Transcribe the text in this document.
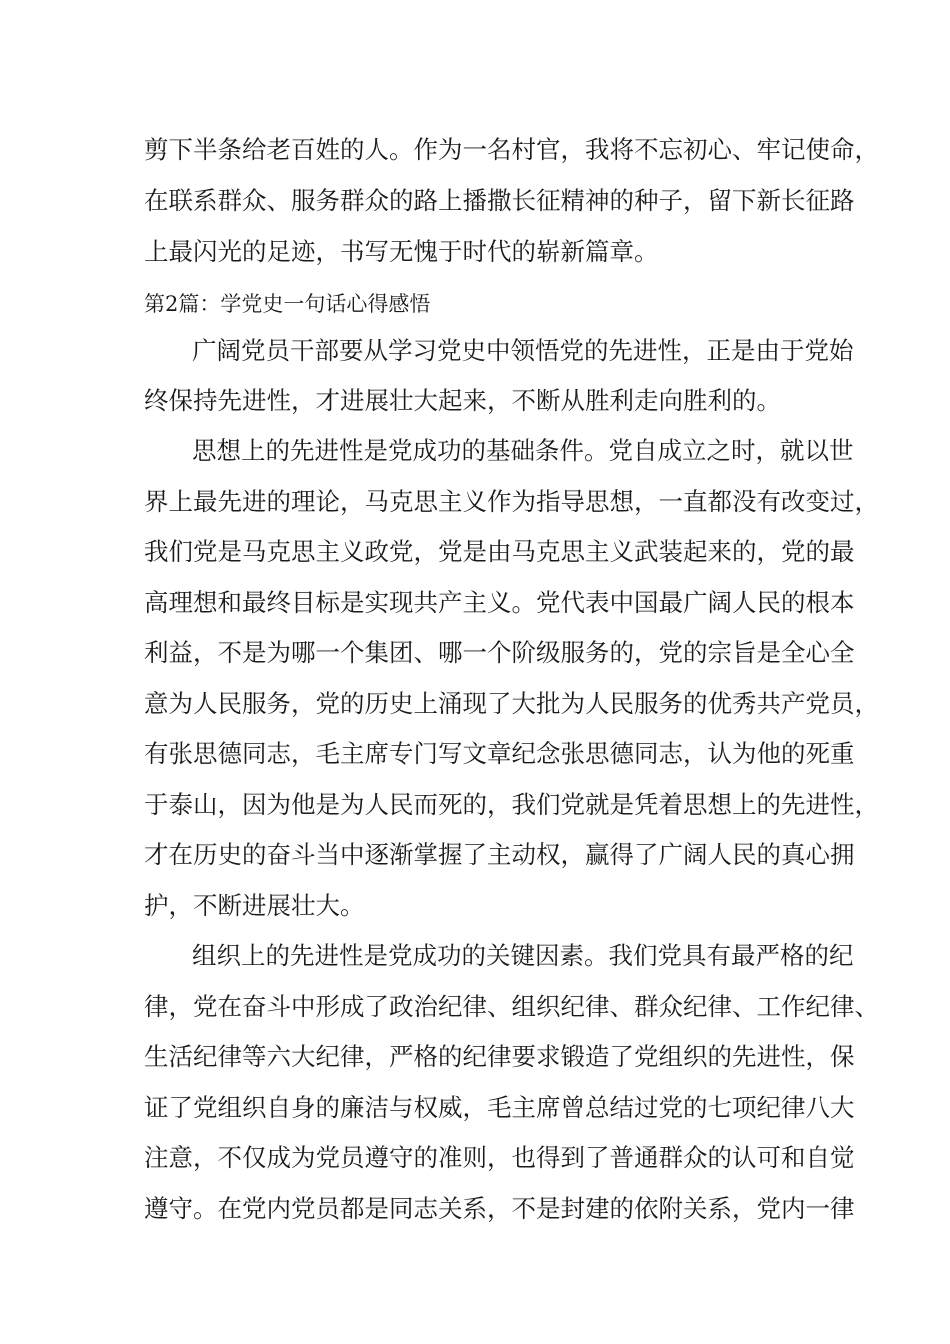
剪下半条给老百姓的人。作为一名村官，我将不忘初心、牢记使命，
在联系群众、服务群众的路上播撒长征精神的种子，留下新长征路
上最闪光的足迹，书写无愧于时代的崭新篇章。
第2篇：学党史一句话心得感悟
广阔党员干部要从学习党史中领悟党的先进性，正是由于党始
终保持先进性，才进展壮大起来，不断从胜利走向胜利的。
思想上的先进性是党成功的基础条件。党自成立之时，就以世
界上最先进的理论，马克思主义作为指导思想，一直都没有改变过，
我们党是马克思主义政党，党是由马克思主义武装起来的，党的最
高理想和最终目标是实现共产主义。党代表中国最广阔人民的根本
利益，不是为哪一个集团、哪一个阶级服务的，党的宗旨是全心全
意为人民服务，党的历史上涌现了大批为人民服务的优秀共产党员，
有张思德同志，毛主席专门写文章纪念张思德同志，认为他的死重
于泰山，因为他是为人民而死的，我们党就是凭着思想上的先进性，
才在历史的奋斗当中逐渐掌握了主动权，赢得了广阔人民的真心拥
护，不断进展壮大。
组织上的先进性是党成功的关键因素。我们党具有最严格的纪
律，党在奋斗中形成了政治纪律、组织纪律、群众纪律、工作纪律、
生活纪律等六大纪律，严格的纪律要求锻造了党组织的先进性，保
证了党组织自身的廉洁与权威，毛主席曾总结过党的七项纪律八大
注意，不仅成为党员遵守的准则，也得到了普通群众的认可和自觉
遵守。在党内党员都是同志关系，不是封建的依附关系，党内一律
